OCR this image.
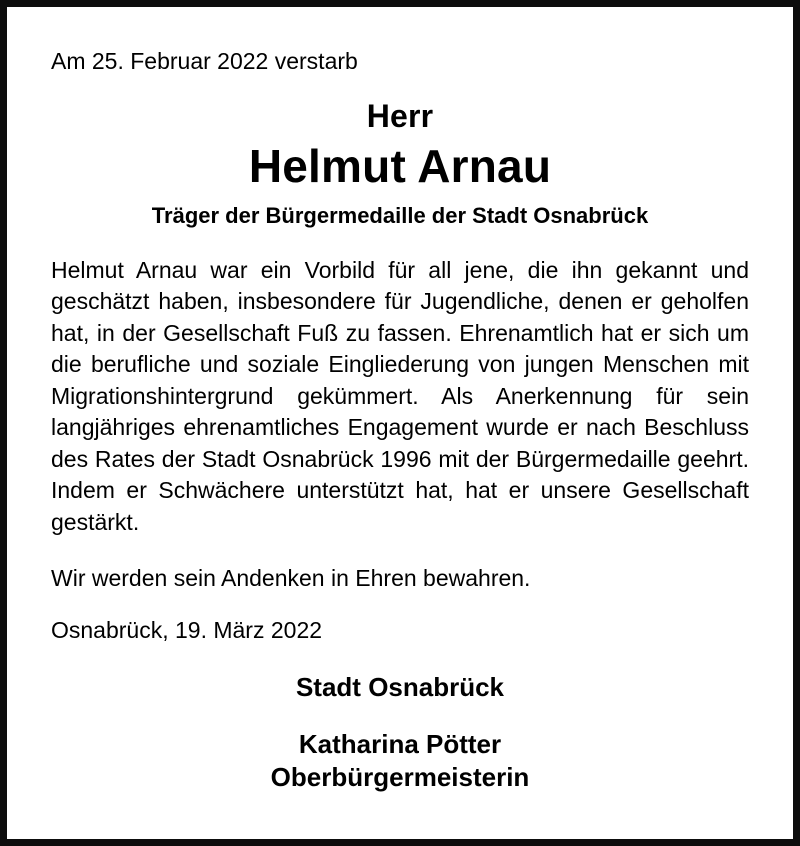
Am 25. Februar 2022 verstarb

Herr

Helmut Arnau

Träger der Bürgermedaille der Stadt Osnabrück

Helmut Arnau war ein Vorbild für all jene, die ihn gekannt und geschätzt haben, insbesondere für Jugendliche, denen er geholfen hat, in der Gesellschaft Fuß zu fassen. Ehrenamtlich hat er sich um die berufliche und soziale Eingliederung von jungen Menschen mit Migrationshintergrund gekümmert. Als Anerkennung für sein langjähriges ehrenamtliches Engagement wurde er nach Beschluss des Rates der Stadt Osnabrück 1996 mit der Bürgermedaille geehrt. Indem er Schwächere unterstützt hat, hat er unsere Gesellschaft gestärkt.

Wir werden sein Andenken in Ehren bewahren.

Osnabrück, 19. März 2022

Stadt Osnabrück

Katharina Pötter

Oberbürgermeisterin
